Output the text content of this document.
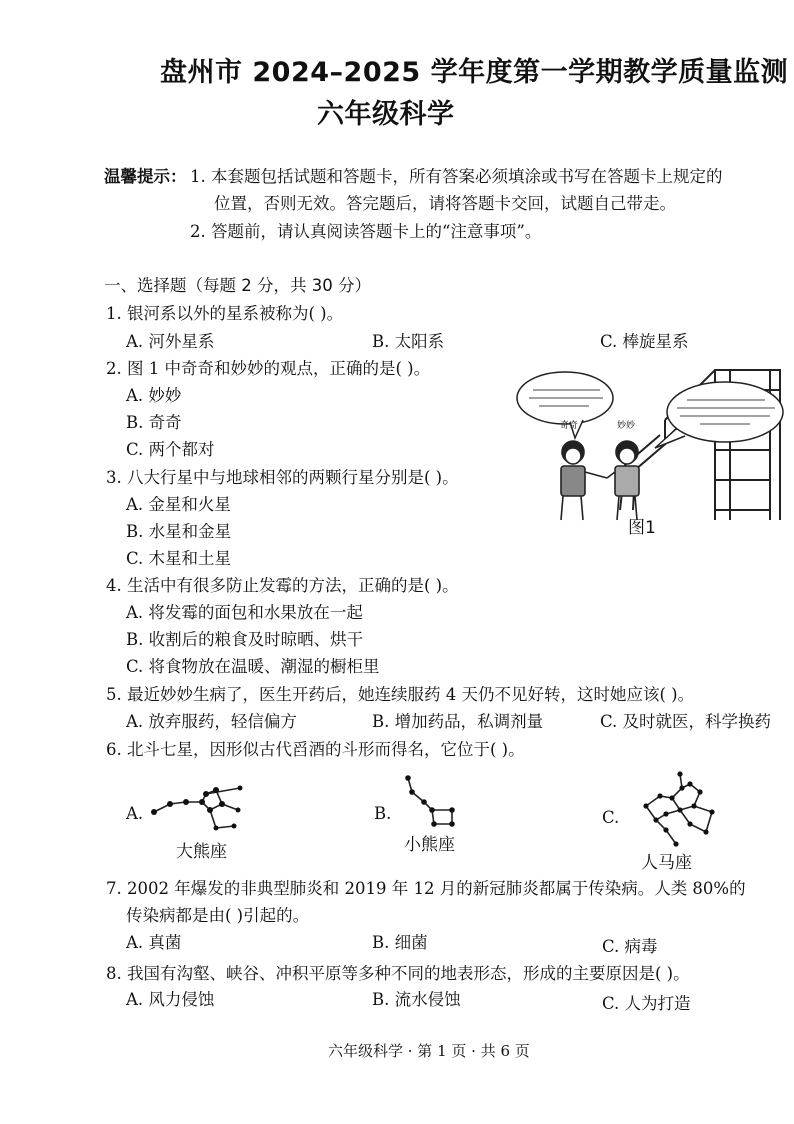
盘州市 2024–2025 学年度第一学期教学质量监测
六年级科学
温馨提示： 1. 本套题包括试题和答题卡，所有答案必须填涂或书写在答题卡上规定的
位置，否则无效。答完题后，请将答题卡交回，试题自己带走。
2. 答题前，请认真阅读答题卡上的“注意事项”。
一、选择题（每题 2 分，共 30 分）
1. 银河系以外的星系被称为( )。
A. 河外星系	B. 太阳系	C. 棒旋星系
2. 图 1 中奇奇和妙妙的观点，正确的是( )。
A. 妙妙
B. 奇奇
C. 两个都对
3. 八大行星中与地球相邻的两颗行星分别是( )。
A. 金星和火星
B. 水星和金星
C. 木星和土星
奇奇	妙妙
图1
4. 生活中有很多防止发霉的方法，正确的是( )。
A. 将发霉的面包和水果放在一起
B. 收割后的粮食及时晾晒、烘干
C. 将食物放在温暖、潮湿的橱柜里
5. 最近妙妙生病了，医生开药后，她连续服药 4 天仍不见好转，这时她应该( )。
A. 放弃服药，轻信偏方	B. 增加药品，私调剂量	C. 及时就医，科学换药
6. 北斗七星，因形似古代舀酒的斗形而得名，它位于( )。
A.	B.	C.
大熊座	小熊座
人马座
7. 2002 年爆发的非典型肺炎和 2019 年 12 月的新冠肺炎都属于传染病。人类 80%的
传染病都是由( )引起的。
A. 真菌	B. 细菌	C. 病毒
8. 我国有沟壑、峡谷、冲积平原等多种不同的地表形态，形成的主要原因是( )。
A. 风力侵蚀	B. 流水侵蚀	C. 人为打造
六年级科学 · 第 1 页 · 共 6 页
